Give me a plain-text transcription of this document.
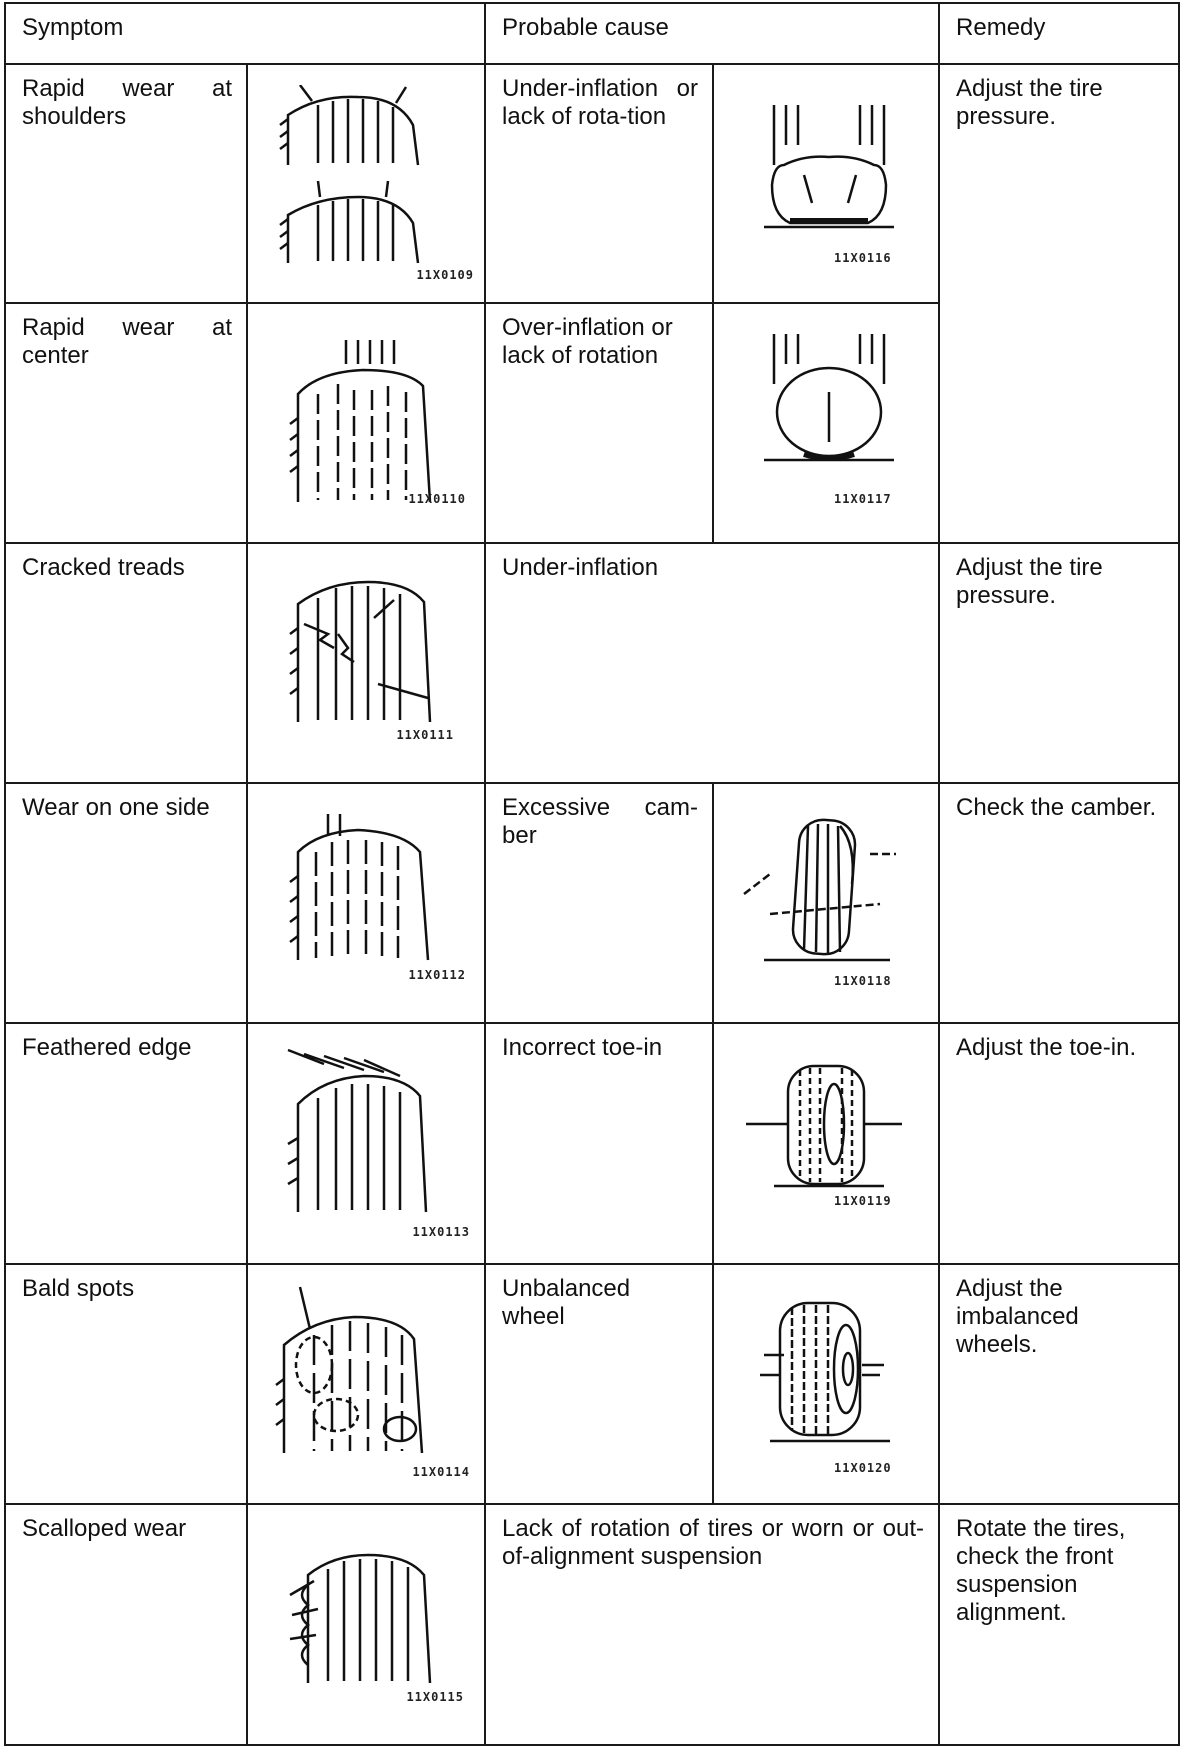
Symptom		Probable cause		Remedy

Rapid wear at shoulders	11X0109	Under-inflation or lack of rota-tion	11X0116	Adjust the tire pressure.

Rapid wear at center	11X0110	Over-inflation or lack of rotation	11X0117	

Cracked treads	11X0111	Under-inflation		Adjust the tire pressure.

Wear on one side	11X0112	Excessive cam-ber	11X0118	Check the camber.

Feathered edge	11X0113	Incorrect toe-in	11X0119	Adjust the toe-in.

Bald spots	11X0114	Unbalanced wheel	11X0120	Adjust the imbalanced wheels.

Scalloped wear	11X0115	Lack of rotation of tires or worn or out-of-alignment suspension		Rotate the tires, check the front suspension alignment.
